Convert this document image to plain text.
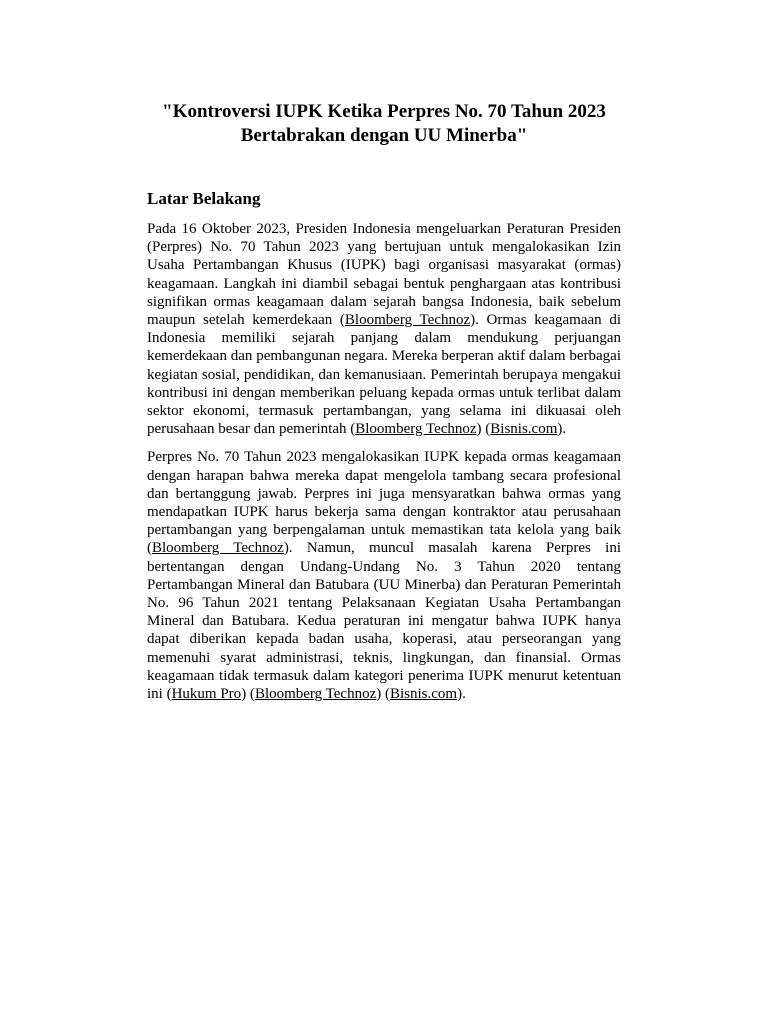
"Kontroversi IUPK Ketika Perpres No. 70 Tahun 2023 Bertabrakan dengan UU Minerba"
Latar Belakang

Pada 16 Oktober 2023, Presiden Indonesia mengeluarkan Peraturan Presiden (Perpres) No. 70 Tahun 2023 yang bertujuan untuk mengalokasikan Izin Usaha Pertambangan Khusus (IUPK) bagi organisasi masyarakat (ormas) keagamaan. Langkah ini diambil sebagai bentuk penghargaan atas kontribusi signifikan ormas keagamaan dalam sejarah bangsa Indonesia, baik sebelum maupun setelah kemerdekaan (Bloomberg Technoz). Ormas keagamaan di Indonesia memiliki sejarah panjang dalam mendukung perjuangan kemerdekaan dan pembangunan negara. Mereka berperan aktif dalam berbagai kegiatan sosial, pendidikan, dan kemanusiaan. Pemerintah berupaya mengakui kontribusi ini dengan memberikan peluang kepada ormas untuk terlibat dalam sektor ekonomi, termasuk pertambangan, yang selama ini dikuasai oleh perusahaan besar dan pemerintah (Bloomberg Technoz) (Bisnis.com).

Perpres No. 70 Tahun 2023 mengalokasikan IUPK kepada ormas keagamaan dengan harapan bahwa mereka dapat mengelola tambang secara profesional dan bertanggung jawab. Perpres ini juga mensyaratkan bahwa ormas yang mendapatkan IUPK harus bekerja sama dengan kontraktor atau perusahaan pertambangan yang berpengalaman untuk memastikan tata kelola yang baik (Bloomberg Technoz). Namun, muncul masalah karena Perpres ini bertentangan dengan Undang-Undang No. 3 Tahun 2020 tentang Pertambangan Mineral dan Batubara (UU Minerba) dan Peraturan Pemerintah No. 96 Tahun 2021 tentang Pelaksanaan Kegiatan Usaha Pertambangan Mineral dan Batubara. Kedua peraturan ini mengatur bahwa IUPK hanya dapat diberikan kepada badan usaha, koperasi, atau perseorangan yang memenuhi syarat administrasi, teknis, lingkungan, dan finansial. Ormas keagamaan tidak termasuk dalam kategori penerima IUPK menurut ketentuan ini (Hukum Pro) (Bloomberg Technoz) (Bisnis.com).
